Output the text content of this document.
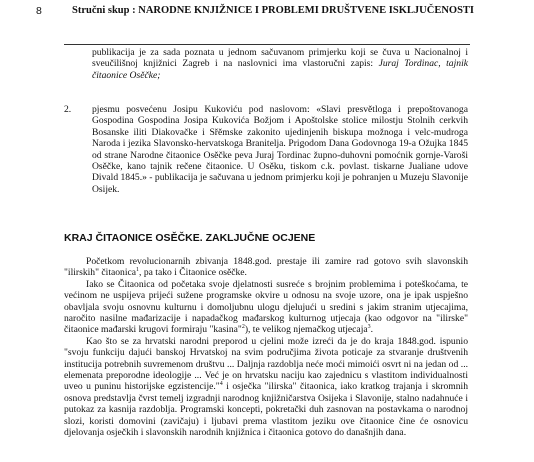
8	Stručni skup : NARODNE KNJIŽNICE I PROBLEMI DRUŠTVENE ISKLJUČENOSTI
publikacija je za sada poznata u jednom sačuvanom primjerku koji se čuva u Nacionalnoj i sveučilišnoj knjižnici Zagreb i na naslovnici ima vlastoručni zapis: Juraj Tordinac, tajnik čitaonice Osěčke;
2.	pjesmu posvećenu Josipu Kukoviću pod naslovom: «Slavi presvětloga i prepoštovanoga Gospodina Gospodina Josipa Kukovića Božjom i Apoštolske stolice milostju Stolnih cerkvih Bosanske iliti Diakovačke i Sřěmske zakonito ujedinjenih biskupa možnoga i velc-mudroga Naroda i jezika Slavonsko-hervatskoga Branitelja. Prigodom Dana Godovnoga 19-a Ožujka 1845 od strane Narodne čitaonice Osěčke peva Juraj Tordinac župno-duhovni pomoćnik gornje-Varoši Osěčke, kano tajnik rečene čitaonice. U Osěku, tiskom c.k. povlast. tiskarne Jualiane udove Divald 1845.» - publikacija je sačuvana u jednom primjerku koji je pohranjen u Muzeju Slavonije Osijek.
KRAJ ČITAONICE OSĚČKE. ZAKLJUČNE OCJENE

Početkom revolucionarnih zbivanja 1848.god. prestaje ili zamire rad gotovo svih slavonskih "ilirskih" čitaonica$^1$, pa tako i Čitaonice osěčke.

Iako se Čitaonica od početaka svoje djelatnosti susreće s brojnim problemima i poteškoćama, te većinom ne uspijeva prijeći sužene programske okvire u odnosu na svoje uzore, ona je ipak uspješno obavljala svoju osnovnu kulturnu i domoljubnu ulogu djelujući u sredini s jakim stranim utjecajima, naročito nasilne mađarizacije i napadačkog mađarskog kulturnog utjecaja (kao odgovor na "ilirske" čitaonice mađarski krugovi formiraju "kasina"$^2$), te velikog njemačkog utjecaja$^3$.

Kao što se za hrvatski narodni preporod u cjelini može izreći da je do kraja 1848.god. ispunio "svoju funkciju dajući banskoj Hrvatskoj na svim područjima života poticaje za stvaranje društvenih institucija potrebnih suvremenom društvu ... Daljnja razdoblja neće moći mimoići osvrt ni na jedan od ... elemenata preporodne ideologije ... Već je on hrvatsku naciju kao zajednicu s vlastitom individualnosti uveo u puninu historijske egzistencije."$^4$ i osječka "ilirska" čitaonica, iako kratkog trajanja i skromnih osnova predstavlja čvrst temelj izgradnji narodnog knjižničarstva Osijeka i Slavonije, stalno nadahnuće i putokaz za kasnija razdoblja. Programski koncepti, pokretački duh zasnovan na postavkama o narodnoj slozi, koristi domovini (zavičaju) i ljubavi prema vlastitom jeziku ove čitaonice čine će osnovicu djelovanja osječkih i slavonskih narodnih knjižnica i čitaonica gotovo do današnjih dana.
